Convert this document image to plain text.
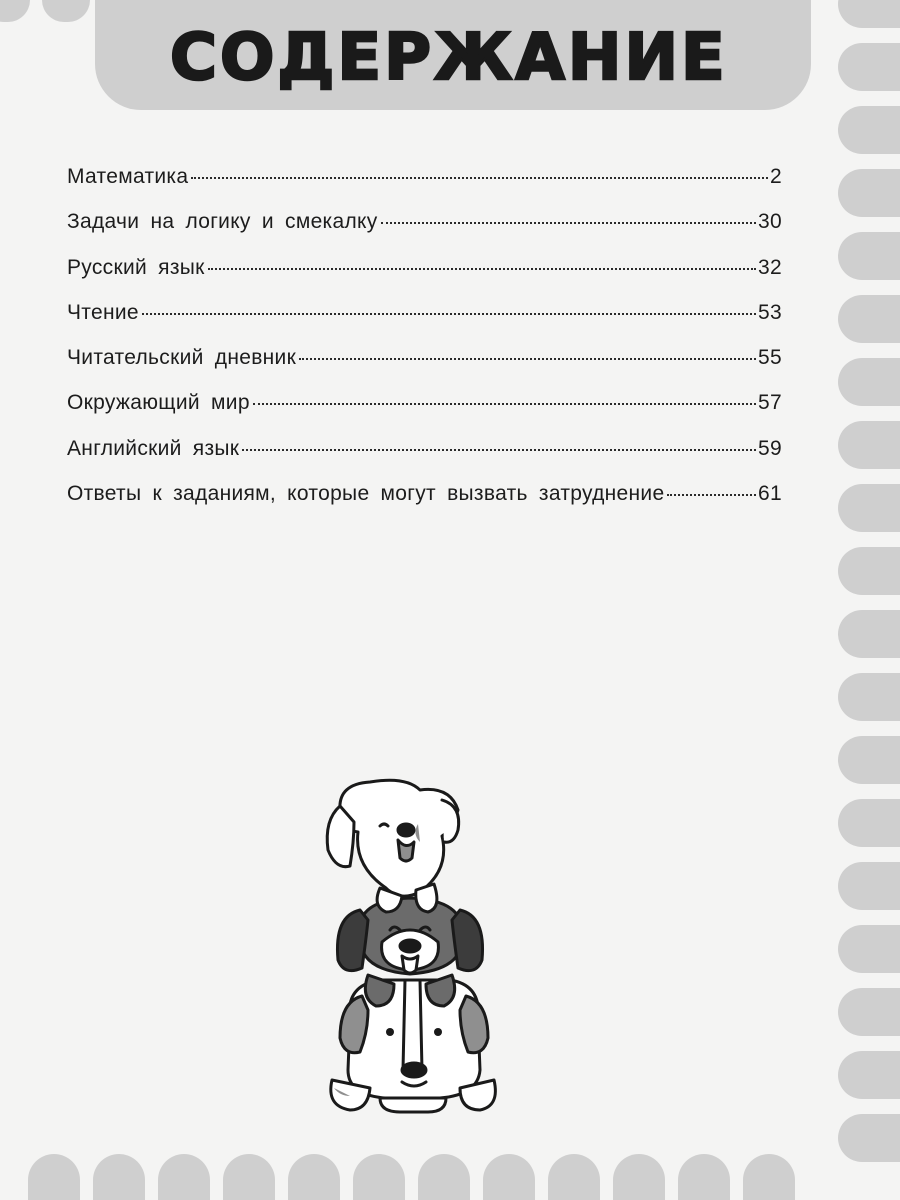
СОДЕРЖАНИЕ
Математика	2
Задачи на логику и смекалку	30
Русский язык	32
Чтение	53
Читательский дневник	55
Окружающий мир	57
Английский язык	59
Ответы к заданиям, которые могут вызвать затруднение	61
